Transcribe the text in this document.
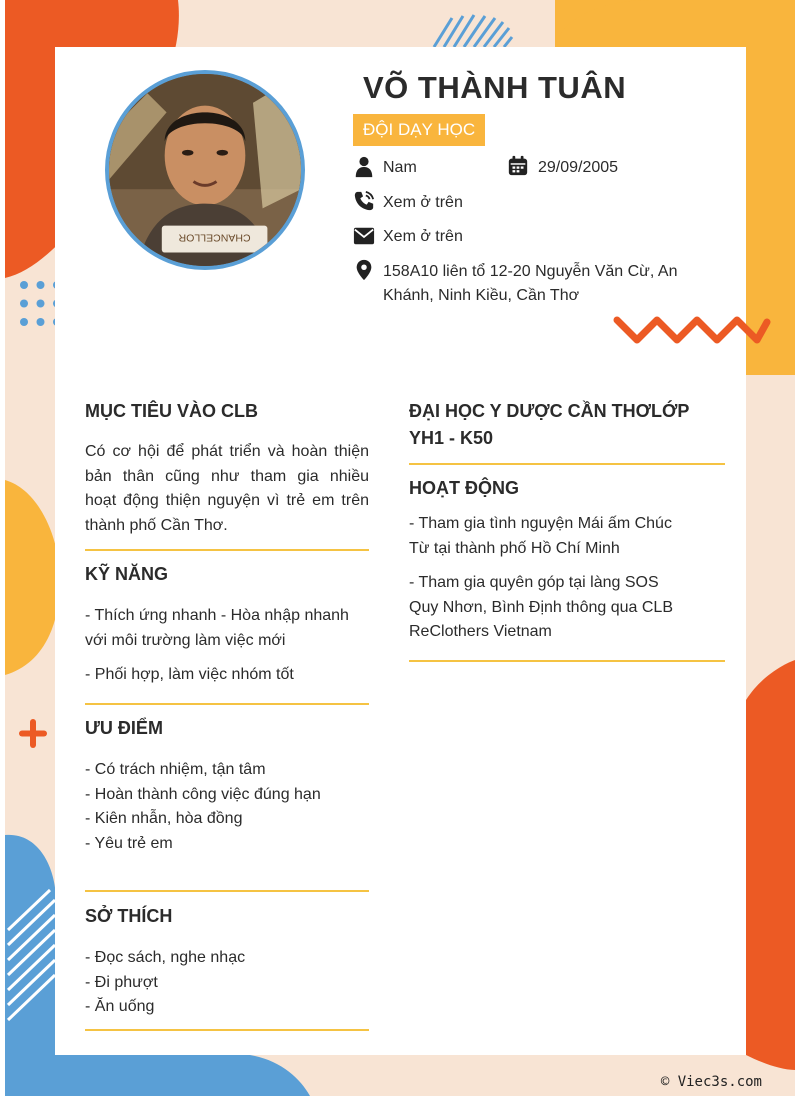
CHANCELLOR
VÕ THÀNH TUÂN
ĐỘI DẠY HỌC
Nam	29/09/2005
Xem ở trên
Xem ở trên
158A10 liên tổ 12-20 Nguyễn Văn Cừ, An
Khánh, Ninh Kiều, Cần Thơ
MỤC TIÊU VÀO CLB
Có cơ hội để phát triển và hoàn thiện
bản thân cũng như tham gia nhiều
hoạt động thiện nguyện vì trẻ em trên
thành phố Cần Thơ.
KỸ NĂNG
- Thích ứng nhanh - Hòa nhập nhanh
với môi trường làm việc mới
- Phối hợp, làm việc nhóm tốt
ƯU ĐIỂM
- Có trách nhiệm, tận tâm
- Hoàn thành công việc đúng hạn
- Kiên nhẫn, hòa đồng
- Yêu trẻ em
SỞ THÍCH
- Đọc sách, nghe nhạc
- Đi phượt
- Ăn uống
ĐẠI HỌC Y DƯỢC CẦN THƠLỚP
YH1 - K50
HOẠT ĐỘNG
- Tham gia tình nguyện Mái ấm Chúc
Từ tại thành phố Hồ Chí Minh
- Tham gia quyên góp tại làng SOS
Quy Nhơn, Bình Định thông qua CLB
ReClothers Vietnam
© Viec3s.com
